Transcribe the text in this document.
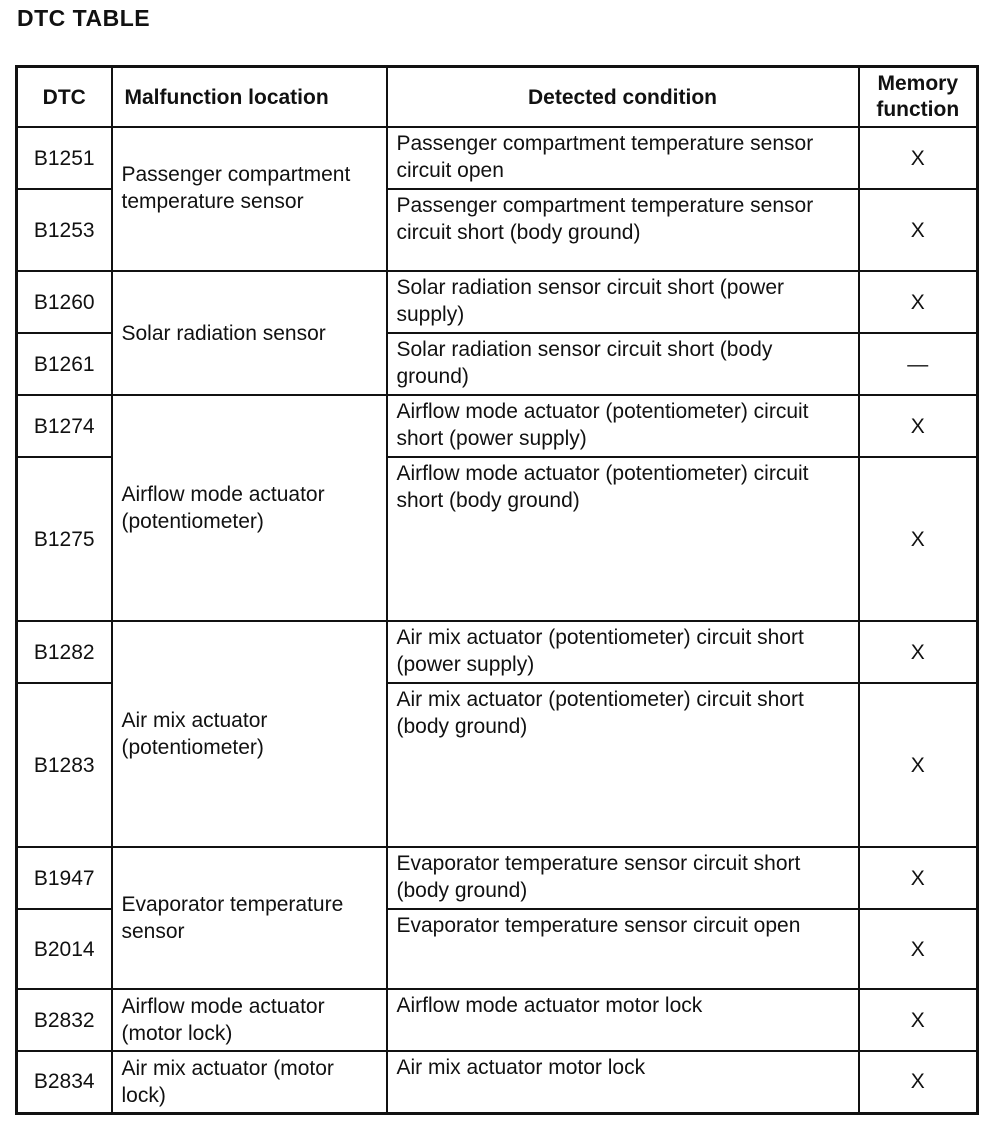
DTC TABLE
DTC	Malfunction location	Detected condition	Memory function
B1251	Passenger compartment temperature sensor	Passenger compartment temperature sensor circuit open	X
B1253		Passenger compartment temperature sensor circuit short (body ground)	X
B1260	Solar radiation sensor	Solar radiation sensor circuit short (power supply)	X
B1261		Solar radiation sensor circuit short (body ground)	—
B1274	Airflow mode actuator (potentiometer)	Airflow mode actuator (potentiometer) circuit short (power supply)	X
B1275		Airflow mode actuator (potentiometer) circuit short (body ground)	X
B1282	Air mix actuator (potentiometer)	Air mix actuator (potentiometer) circuit short (power supply)	X
B1283		Air mix actuator (potentiometer) circuit short (body ground)	X
B1947	Evaporator temperature sensor	Evaporator temperature sensor circuit short (body ground)	X
B2014		Evaporator temperature sensor circuit open	X
B2832	Airflow mode actuator (motor lock)	Airflow mode actuator motor lock	X
B2834	Air mix actuator (motor lock)	Air mix actuator motor lock	X
